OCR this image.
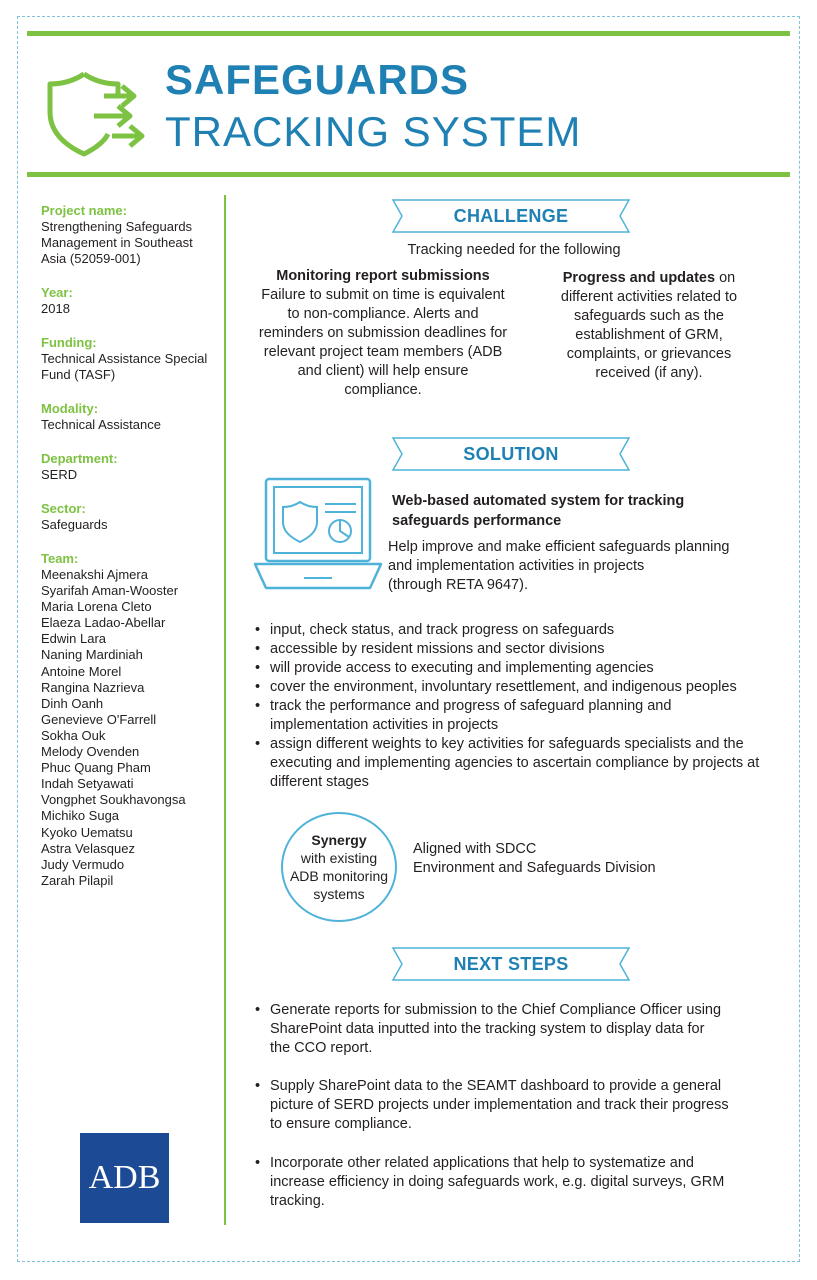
SAFEGUARDS
TRACKING SYSTEM
Project name:
Strengthening Safeguards Management in Southeast Asia (52059-001)
Year:
2018
Funding:
Technical Assistance Special Fund (TASF)
Modality:
Technical Assistance
Department:
SERD
Sector:
Safeguards
Team:
Meenakshi Ajmera
Syarifah Aman-Wooster
Maria Lorena Cleto
Elaeza Ladao-Abellar
Edwin Lara
Naning Mardiniah
Antoine Morel
Rangina Nazrieva
Dinh Oanh
Genevieve O'Farrell
Sokha Ouk
Melody Ovenden
Phuc Quang Pham
Indah Setyawati
Vongphet Soukhavongsa
Michiko Suga
Kyoko Uematsu
Astra Velasquez
Judy Vermudo
Zarah Pilapil
ADB
CHALLENGE
Tracking needed for the following
Monitoring report submissions
Failure to submit on time is equivalent to non-compliance. Alerts and reminders on submission deadlines for relevant project team members (ADB and client) will help ensure compliance.
Progress and updates on different activities related to safeguards such as the establishment of GRM, complaints, or grievances received (if any).
SOLUTION
Web-based automated system for tracking
safeguards performance
Help improve and make efficient safeguards planning
and implementation activities in projects
(through RETA 9647).
• input, check status, and track progress on safeguards
• accessible by resident missions and sector divisions
• will provide access to executing and implementing agencies
• cover the environment, involuntary resettlement, and indigenous peoples
• track the performance and progress of safeguard planning and implementation activities in projects
• assign different weights to key activities for safeguards specialists and the executing and implementing agencies to ascertain compliance by projects at different stages
Synergy
with existing
ADB monitoring
systems
Aligned with SDCC
Environment and Safeguards Division
NEXT STEPS
• Generate reports for submission to the Chief Compliance Officer using SharePoint data inputted into the tracking system to display data for the CCO report.
• Supply SharePoint data to the SEAMT dashboard to provide a general picture of SERD projects under implementation and track their progress to ensure compliance.
• Incorporate other related applications that help to systematize and increase efficiency in doing safeguards work, e.g. digital surveys, GRM tracking.
